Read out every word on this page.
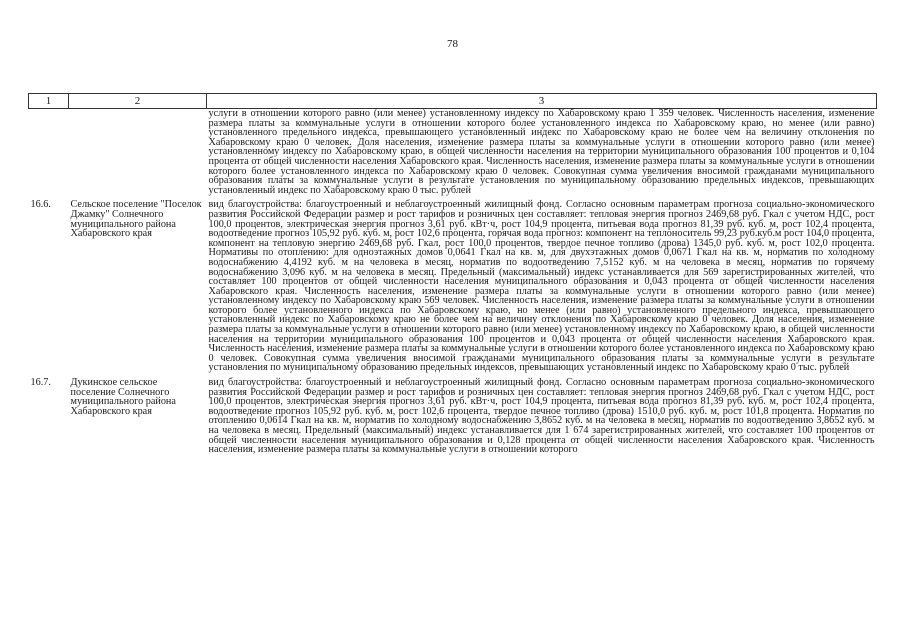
78
1	2	3
		услуги в отношении которого равно (или менее) установленному индексу по Хабаровскому краю 1 359 человек. Численность населения, изменение размера платы за коммунальные услуги в отношении которого более установленного индекса по Хабаровскому краю, но менее (или равно) установленного предельного индекса, превышающего установленный индекс по Хабаровскому краю не более чем на величину отклонения по Хабаровскому краю 0 человек. Доля населения, изменение размера платы за коммунальные услуги в отношении которого равно (или менее) установленному индексу по Хабаровскому краю, в общей численности населения на территории муниципального образования 100 процентов и 0,104 процента от общей численности населения Хабаровского края. Численность населения, изменение размера платы за коммунальные услуги в отношении которого более установленного индекса по Хабаровскому краю 0 человек. Совокупная сумма увеличения вносимой гражданами муниципального образования платы за коммунальные услуги в результате установления по муниципальному образованию предельных индексов, превышающих установленный индекс по Хабаровскому краю 0 тыс. рублей

16.6.	Сельское поселение "Поселок Джамку" Солнечного муниципального района Хабаровского края	вид благоустройства: благоустроенный и неблагоустроенный жилищный фонд. Согласно основным параметрам прогноза социально-экономического развития Российской Федерации размер и рост тарифов и розничных цен составляет: тепловая энергия прогноз 2469,68 руб. Гкал с учетом НДС, рост 100,0 процентов, электрическая энергия прогноз 3,61 руб. кВт·ч, рост 104,9 процента, питьевая вода прогноз 81,39 руб. куб. м, рост 102,4 процента, водоотведение прогноз 105,92 руб. куб. м, рост 102,6 процента, горячая вода прогноз: компонент на теплоноситель 99,23 руб.куб.м рост 104,0 процента, компонент на тепловую энергию 2469,68 руб. Гкал, рост 100,0 процентов, твердое печное топливо (дрова) 1345,0 руб. куб. м, рост 102,0 процента. Нормативы по отоплению: для одноэтажных домов 0,0641 Гкал на кв. м, для двухэтажных домов 0,0671 Гкал на кв. м, норматив по холодному водоснабжению 4,4192 куб. м на человека в месяц, норматив по водоотведению 7,5152 куб. м на человека в месяц, норматив по горячему водоснабжению 3,096 куб. м на человека в месяц. Предельный (максимальный) индекс устанавливается для 569 зарегистрированных жителей, что составляет 100 процентов от общей численности населения муниципального образования и 0,043 процента от общей численности населения Хабаровского края. Численность населения, изменение размера платы за коммунальные услуги в отношении которого равно (или менее) установленному индексу по Хабаровскому краю 569 человек. Численность населения, изменение размера платы за коммунальные услуги в отношении которого более установленного индекса по Хабаровскому краю, но менее (или равно) установленного предельного индекса, превышающего установленный индекс по Хабаровскому краю не более чем на величину отклонения по Хабаровскому краю 0 человек. Доля населения, изменение размера платы за коммунальные услуги в отношении которого равно (или менее) установленному индексу по Хабаровскому краю, в общей численности населения на территории муниципального образования 100 процентов и 0,043 процента от общей численности населения Хабаровского края. Численность населения, изменение размера платы за коммунальные услуги в отношении которого более установленного индекса по Хабаровскому краю 0 человек. Совокупная сумма увеличения вносимой гражданами муниципального образования платы за коммунальные услуги в результате установления по муниципальному образованию предельных индексов, превышающих установленный индекс по Хабаровскому краю 0 тыс. рублей

16.7.	Дукинское сельское поселение Солнечного муниципального района Хабаровского края	вид благоустройства: благоустроенный и неблагоустроенный жилищный фонд. Согласно основным параметрам прогноза социально-экономического развития Российской Федерации размер и рост тарифов и розничных цен составляет: тепловая энергия прогноз 2469,68 руб. Гкал с учетом НДС, рост 100,0 процентов, электрическая энергия прогноз 3,61 руб. кВт·ч, рост 104,9 процента, питьевая вода прогноз 81,39 руб. куб. м, рост 102,4 процента, водоотведение прогноз 105,92 руб. куб. м, рост 102,6 процента, твердое печное топливо (дрова) 1510,0 руб. куб. м, рост 101,8 процента. Норматив по отоплению 0,0614 Гкал на кв. м, норматив по холодному водоснабжению 3,8652 куб. м на человека в месяц, норматив по водоотведению 3,8652 куб. м на человека в месяц. Предельный (максимальный) индекс устанавливается для 1 674 зарегистрированных жителей, что составляет 100 процентов от общей численности населения муниципального образования и 0,128 процента от общей численности населения Хабаровского края. Численность населения, изменение размера платы за коммунальные услуги в отношении которого
